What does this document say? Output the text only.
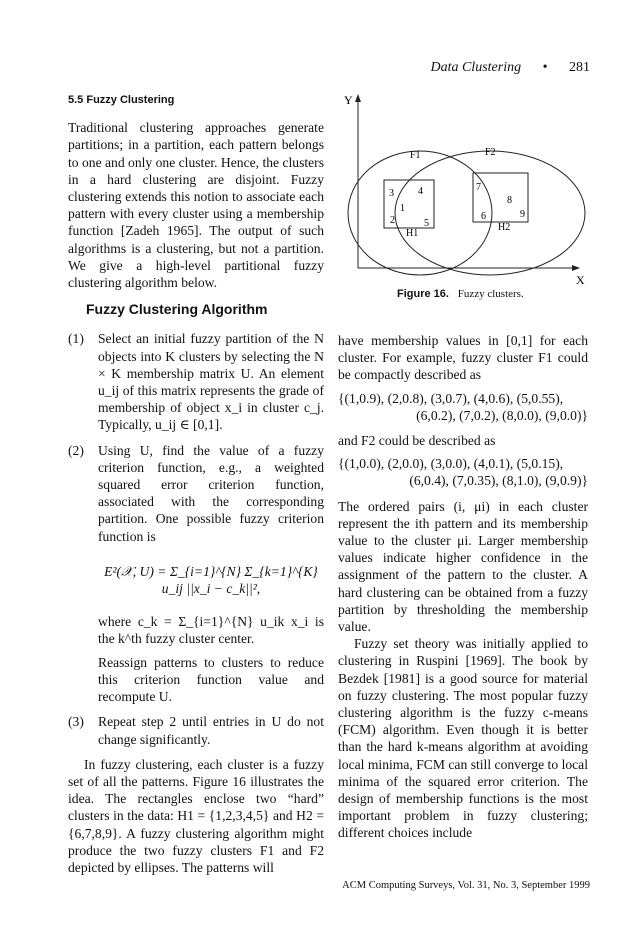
Data Clustering • 281
5.5 Fuzzy Clustering

Traditional clustering approaches generate partitions; in a partition, each pattern belongs to one and only one cluster. Hence, the clusters in a hard clustering are disjoint. Fuzzy clustering extends this notion to associate each pattern with every cluster using a membership function [Zadeh 1965]. The output of such algorithms is a clustering, but not a partition. We give a high-level partitional fuzzy clustering algorithm below.

Fuzzy Clustering Algorithm
(1) Select an initial fuzzy partition of the N objects into K clusters by selecting the N × K membership matrix U. An element u_ij of this matrix represents the grade of membership of object x_i in cluster c_j. Typically, u_ij ∈ [0,1].
(2) Using U, find the value of a fuzzy criterion function, e.g., a weighted squared error criterion function, associated with the corresponding partition. One possible fuzzy criterion function is
E²(𝒳, U) = Σ_{i=1}^{N} Σ_{k=1}^{K} u_ij ||x_i − c_k||²,

where c_k = Σ_{i=1}^{N} u_ik x_i is the k^th fuzzy cluster center.

Reassign patterns to clusters to reduce this criterion function value and recompute U.

(3) Repeat step 2 until entries in U do not change significantly.

In fuzzy clustering, each cluster is a fuzzy set of all the patterns. Figure 16 illustrates the idea. The rectangles enclose two “hard” clusters in the data: H1 = {1,2,3,4,5} and H2 = {6,7,8,9}. A fuzzy clustering algorithm might produce the two fuzzy clusters F1 and F2 depicted by ellipses. The patterns will

Y
X
F1	F2
H1
H2
1
2
3 4
5
6
7
8
9
Figure 16. Fuzzy clusters.

have membership values in [0,1] for each cluster. For example, fuzzy cluster F1 could be compactly described as

{(1,0.9), (2,0.8), (3,0.7), (4,0.6), (5,0.55),
(6,0.2), (7,0.2), (8,0.0), (9,0.0)}

and F2 could be described as

{(1,0.0), (2,0.0), (3,0.0), (4,0.1), (5,0.15),
(6,0.4), (7,0.35), (8,1.0), (9,0.9)}

The ordered pairs (i, μi) in each cluster represent the ith pattern and its membership value to the cluster μi. Larger membership values indicate higher confidence in the assignment of the pattern to the cluster. A hard clustering can be obtained from a fuzzy partition by thresholding the membership value.

Fuzzy set theory was initially applied to clustering in Ruspini [1969]. The book by Bezdek [1981] is a good source for material on fuzzy clustering. The most popular fuzzy clustering algorithm is the fuzzy c-means (FCM) algorithm. Even though it is better than the hard k-means algorithm at avoiding local minima, FCM can still converge to local minima of the squared error criterion. The design of membership functions is the most important problem in fuzzy clustering; different choices include

ACM Computing Surveys, Vol. 31, No. 3, September 1999
